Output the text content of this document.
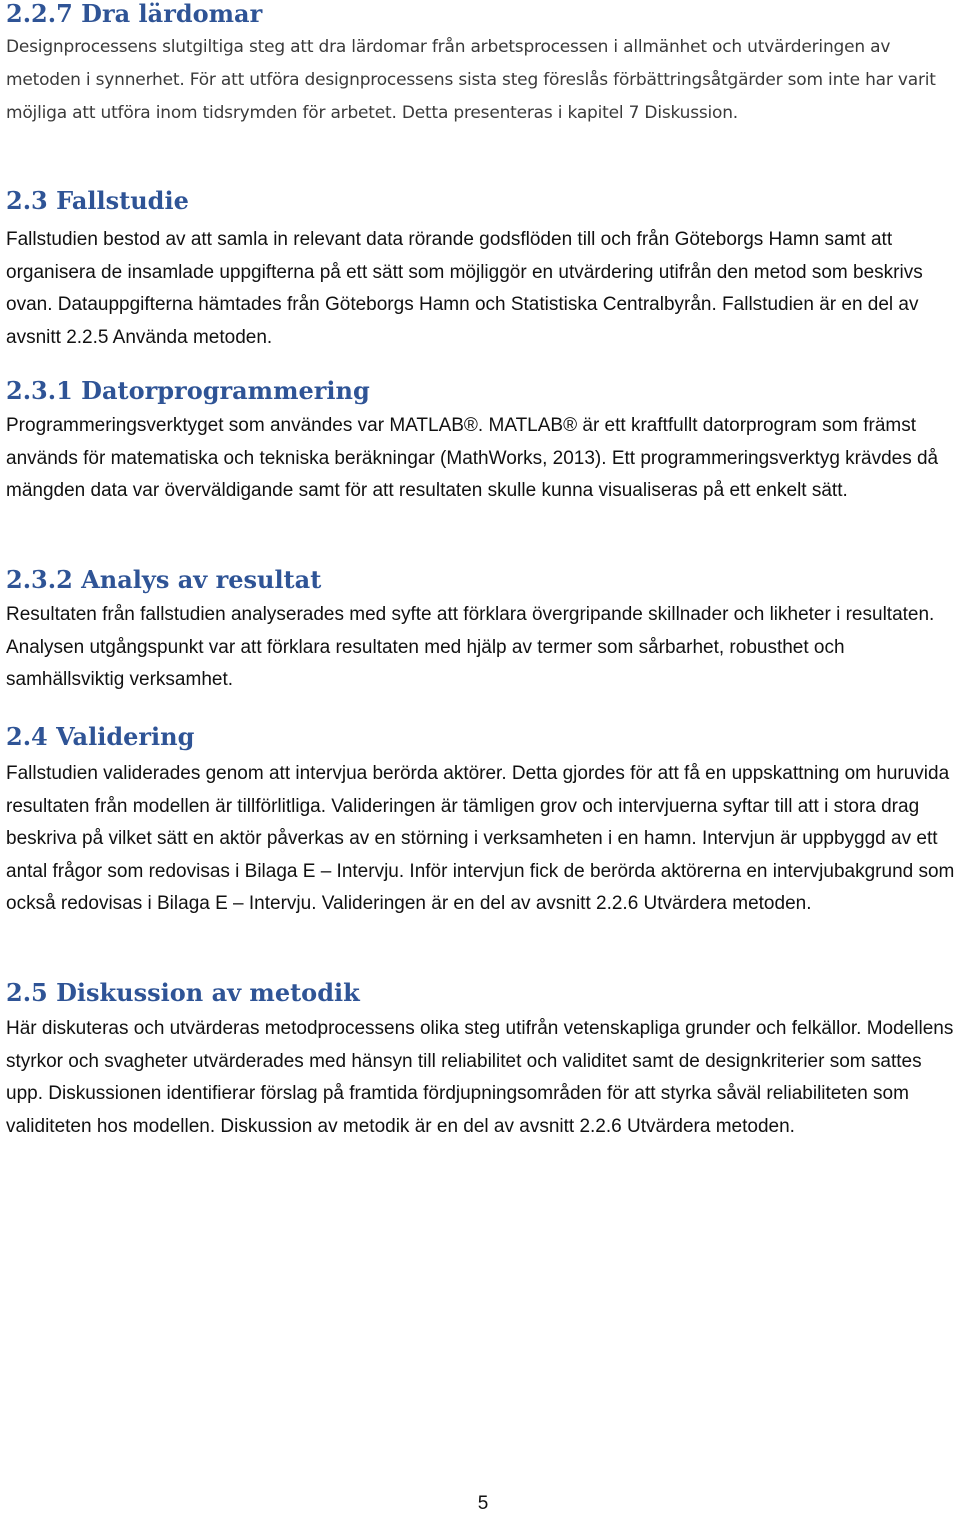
2.2.7 Dra lärdomar

Designprocessens slutgiltiga steg att dra lärdomar från arbetsprocessen i allmänhet och utvärderingen av metoden i synnerhet. För att utföra designprocessens sista steg föreslås förbättringsåtgärder som inte har varit möjliga att utföra inom tidsrymden för arbetet. Detta presenteras i kapitel 7 Diskussion.

2.3 Fallstudie

Fallstudien bestod av att samla in relevant data rörande godsflöden till och från Göteborgs Hamn samt att organisera de insamlade uppgifterna på ett sätt som möjliggör en utvärdering utifrån den metod som beskrivs ovan. Datauppgifterna hämtades från Göteborgs Hamn och Statistiska Centralbyrån. Fallstudien är en del av avsnitt 2.2.5 Använda metoden.

2.3.1 Datorprogrammering

Programmeringsverktyget som användes var MATLAB®. MATLAB® är ett kraftfullt datorprogram som främst används för matematiska och tekniska beräkningar (MathWorks, 2013). Ett programmeringsverktyg krävdes då mängden data var överväldigande samt för att resultaten skulle kunna visualiseras på ett enkelt sätt.

2.3.2 Analys av resultat

Resultaten från fallstudien analyserades med syfte att förklara övergripande skillnader och likheter i resultaten. Analysen utgångspunkt var att förklara resultaten med hjälp av termer som sårbarhet, robusthet och samhällsviktig verksamhet.

2.4 Validering

Fallstudien validerades genom att intervjua berörda aktörer. Detta gjordes för att få en uppskattning om huruvida resultaten från modellen är tillförlitliga. Valideringen är tämligen grov och intervjuerna syftar till att i stora drag beskriva på vilket sätt en aktör påverkas av en störning i verksamheten i en hamn. Intervjun är uppbyggd av ett antal frågor som redovisas i Bilaga E – Intervju. Inför intervjun fick de berörda aktörerna en intervjubakgrund som också redovisas i Bilaga E – Intervju. Valideringen är en del av avsnitt 2.2.6 Utvärdera metoden.

2.5 Diskussion av metodik

Här diskuteras och utvärderas metodprocessens olika steg utifrån vetenskapliga grunder och felkällor. Modellens styrkor och svagheter utvärderades med hänsyn till reliabilitet och validitet samt de designkriterier som sattes upp. Diskussionen identifierar förslag på framtida fördjupningsområden för att styrka såväl reliabiliteten som validiteten hos modellen. Diskussion av metodik är en del av avsnitt 2.2.6 Utvärdera metoden.

5
